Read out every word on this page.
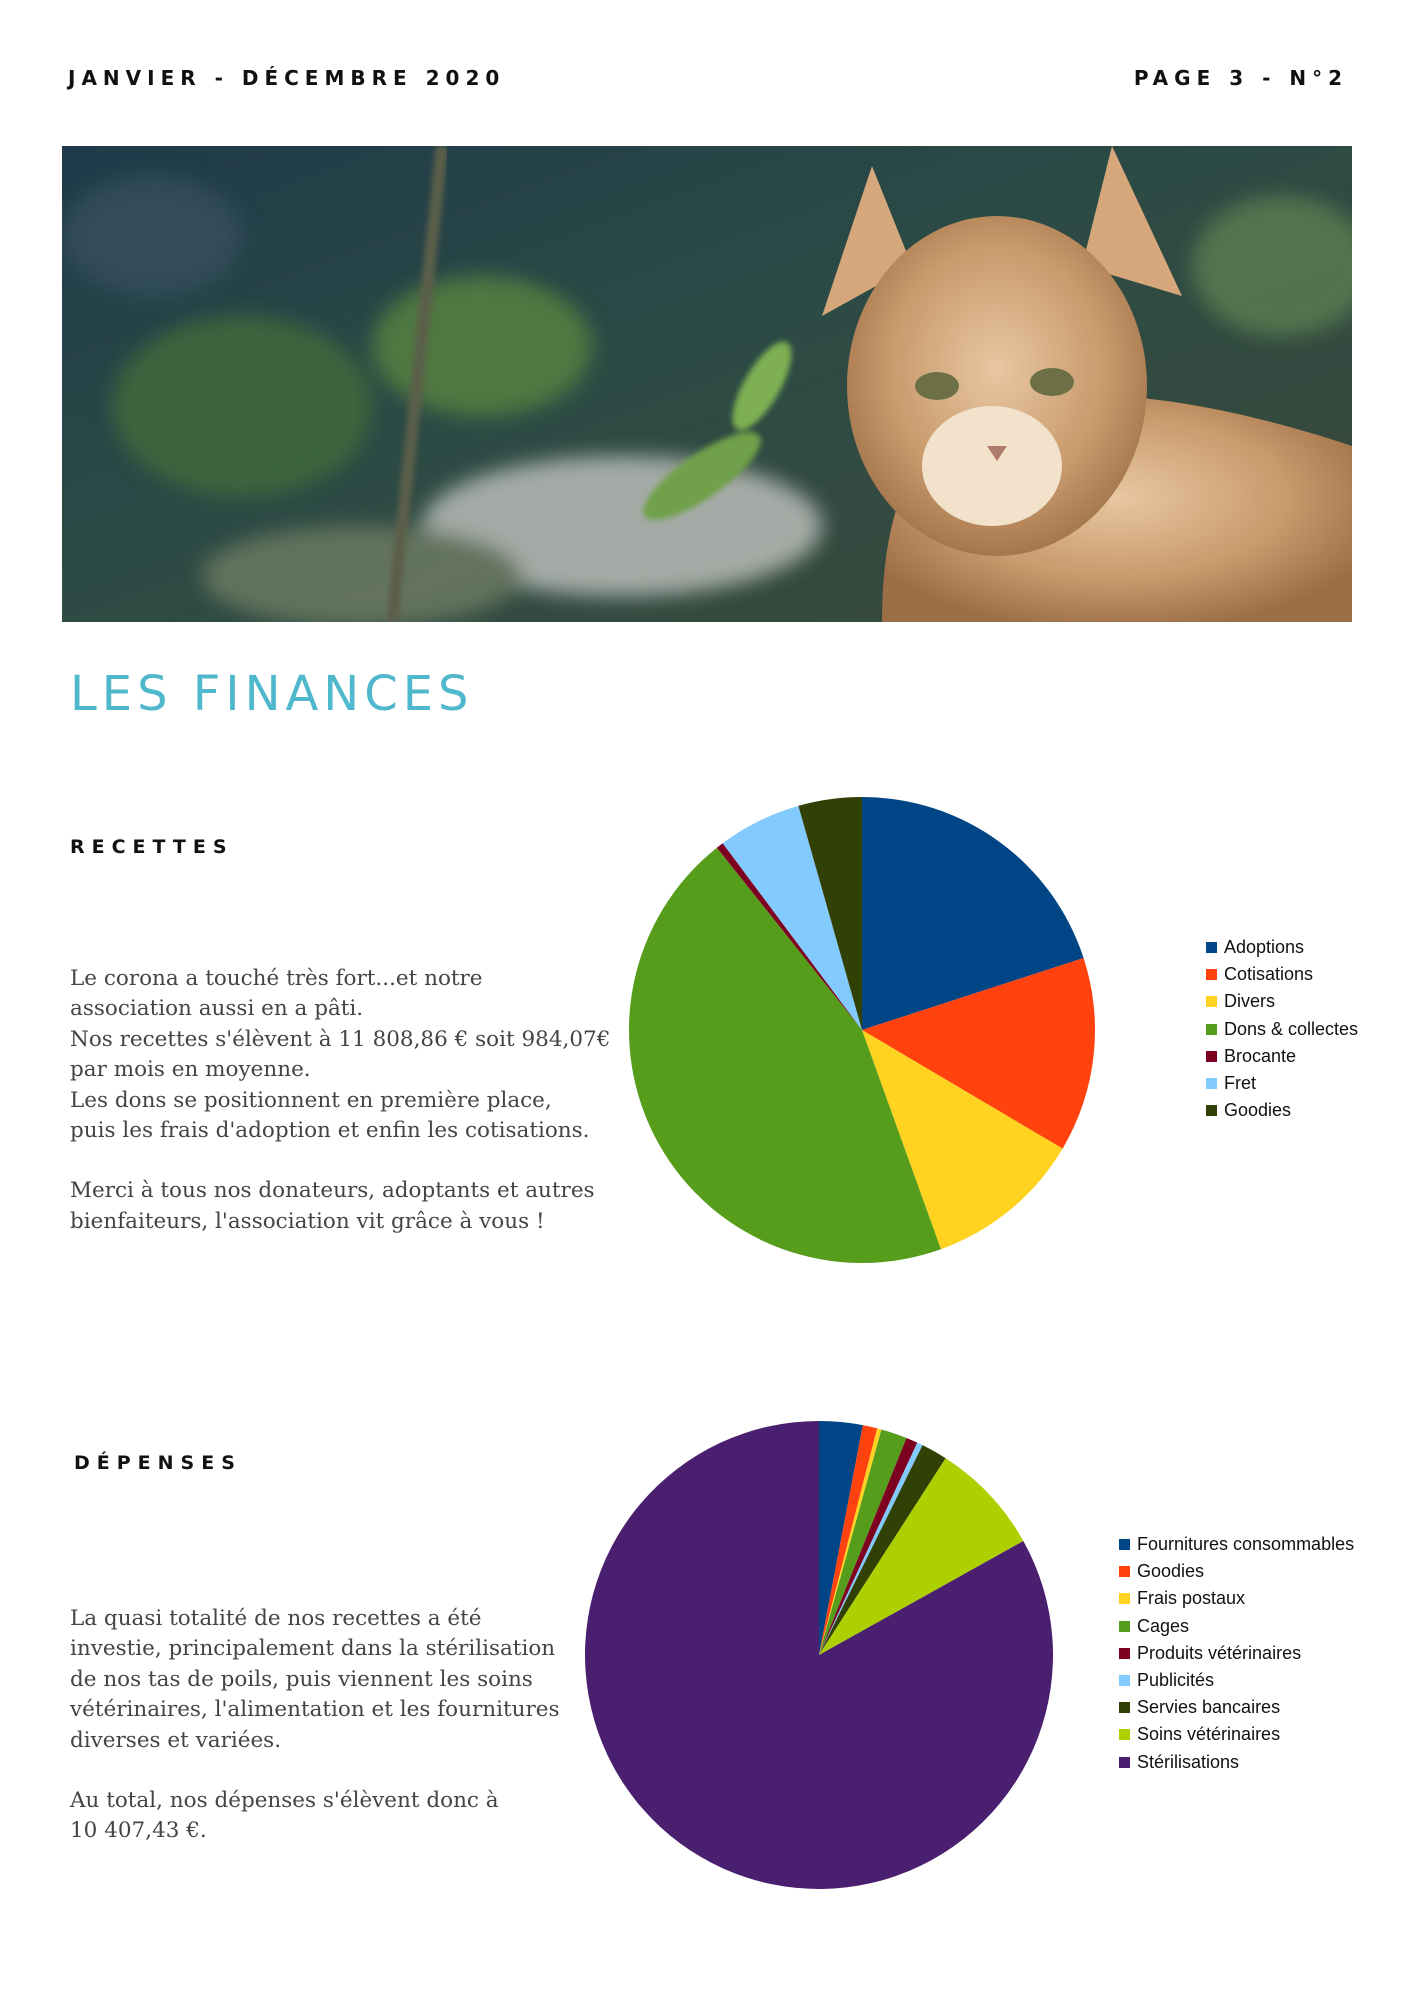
JANVIER - DÉCEMBRE 2020	PAGE 3 - N°2
LES FINANCES
RECETTES

Le corona a touché très fort...et notre

association aussi en a pâti.

Nos recettes s'élèvent à 11 808,86 € soit 984,07€

par mois en moyenne.

Les dons se positionnent en première place,

puis les frais d'adoption et enfin les cotisations.

Merci à tous nos donateurs, adoptants et autres

bienfaiteurs, l'association vit grâce à vous !

Adoptions
Cotisations
Divers
Dons & collectes
Brocante
Fret
Goodies
DÉPENSES

La quasi totalité de nos recettes a été

investie, principalement dans la stérilisation

de nos tas de poils, puis viennent les soins

vétérinaires, l'alimentation et les fournitures

diverses et variées.

Au total, nos dépenses s'élèvent donc à

10 407,43 €.

Fournitures consommables
Goodies
Frais postaux
Cages
Produits vétérinaires
Publicités
Servies bancaires
Soins vétérinaires
Stérilisations
